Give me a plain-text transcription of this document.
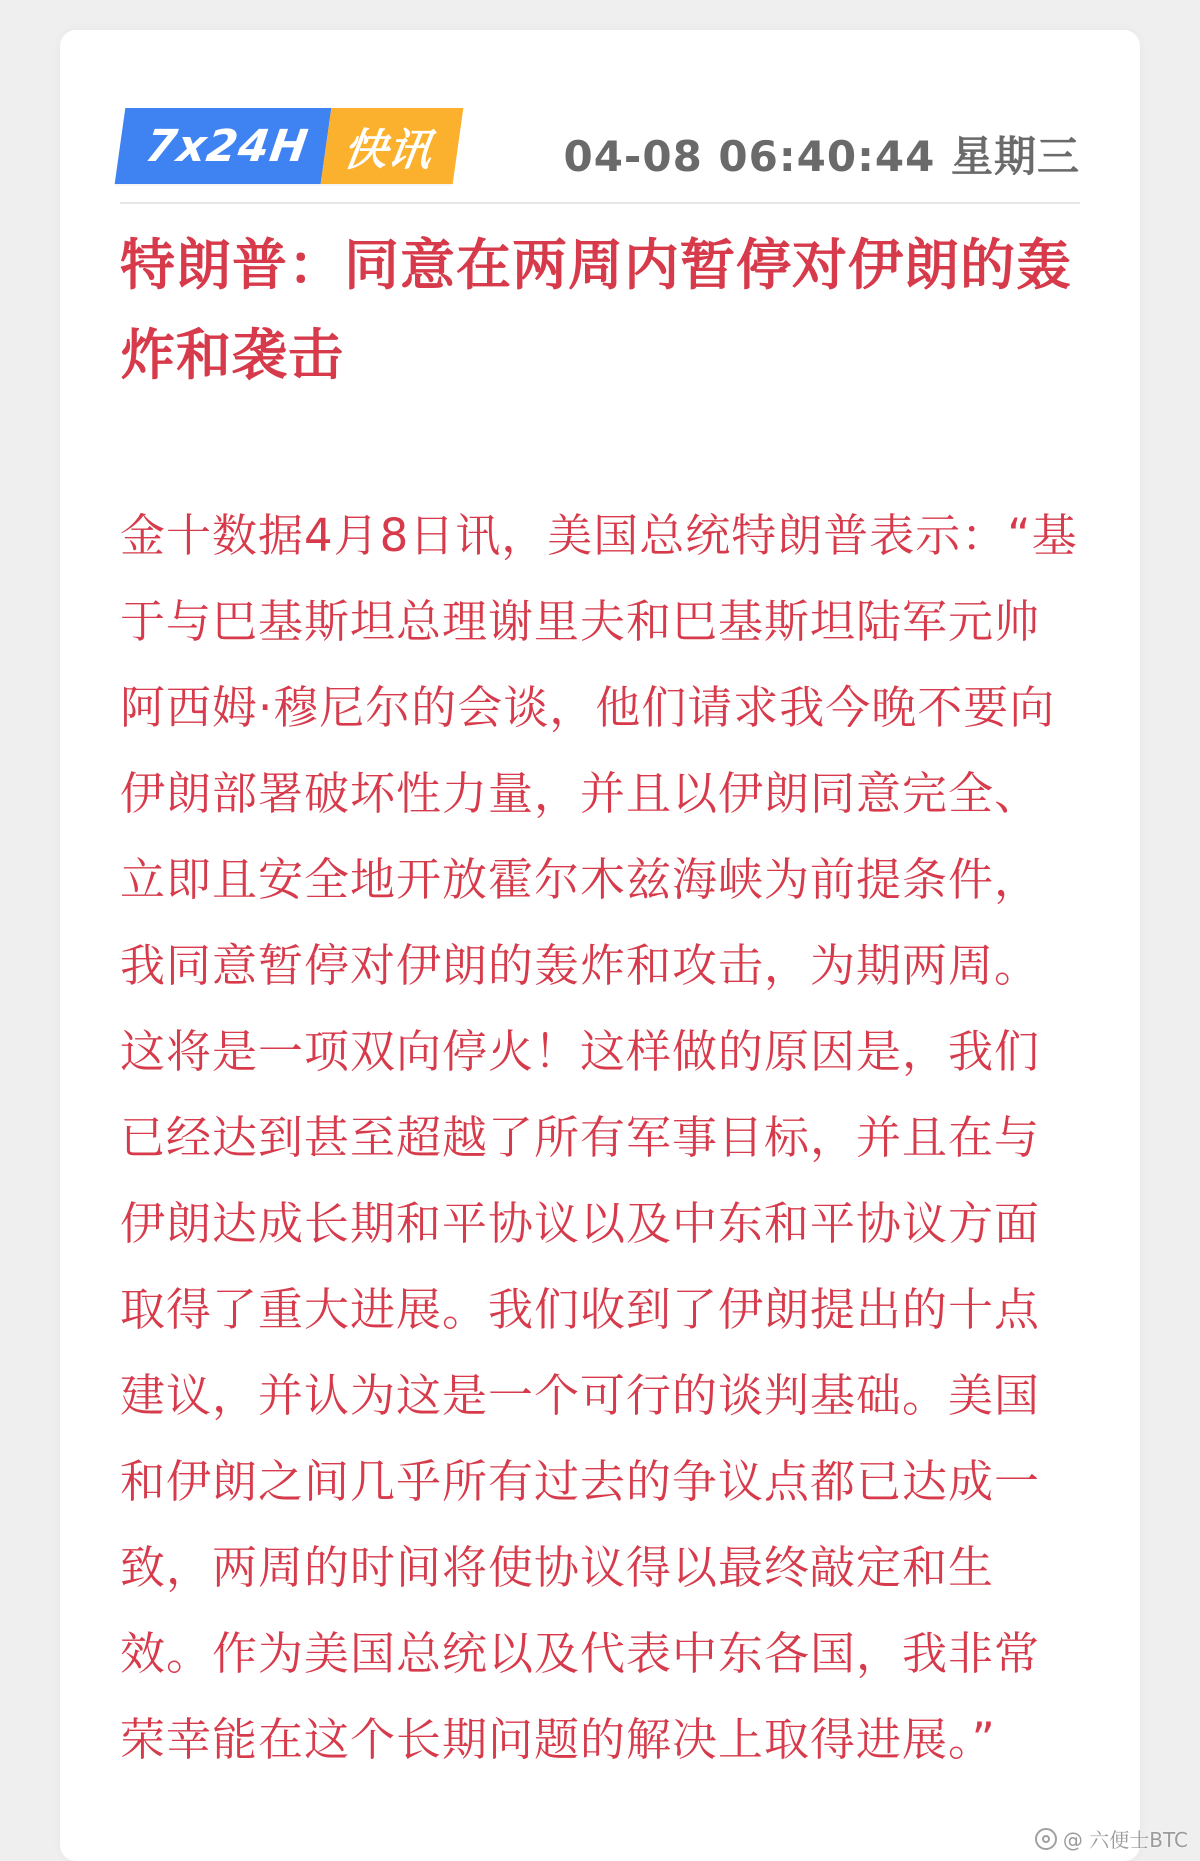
7x24H 快讯	04-08 06:40:44 星期三
特朗普：同意在两周内暂停对伊朗的轰炸和袭击
金十数据4月8日讯，美国总统特朗普表示：“基于与巴基斯坦总理谢里夫和巴基斯坦陆军元帅阿西姆·穆尼尔的会谈，他们请求我今晚不要向伊朗部署破坏性力量，并且以伊朗同意完全、立即且安全地开放霍尔木兹海峡为前提条件，我同意暂停对伊朗的轰炸和攻击，为期两周。这将是一项双向停火！这样做的原因是，我们已经达到甚至超越了所有军事目标，并且在与伊朗达成长期和平协议以及中东和平协议方面取得了重大进展。我们收到了伊朗提出的十点建议，并认为这是一个可行的谈判基础。美国和伊朗之间几乎所有过去的争议点都已达成一致，两周的时间将使协议得以最终敲定和生效。作为美国总统以及代表中东各国，我非常荣幸能在这个长期问题的解决上取得进展。”
@ 六便士BTC
